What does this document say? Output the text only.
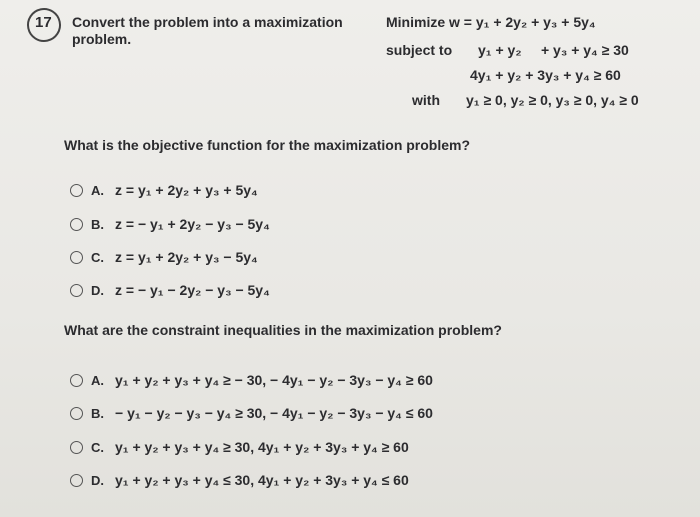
17 Convert the problem into a maximization
problem.
Minimize w = y₁ + 2y₂ + y₃ + 5y₄
subject to y₁ + y₂     + y₃ + y₄ ≥ 30
4y₁ + y₂ + 3y₃ + y₄ ≥ 60
with y₁ ≥ 0, y₂ ≥ 0, y₃ ≥ 0, y₄ ≥ 0
What is the objective function for the maximization problem?
A. z = y₁ + 2y₂ + y₃ + 5y₄
B. z = − y₁ + 2y₂ − y₃ − 5y₄
C. z = y₁ + 2y₂ + y₃ − 5y₄
D. z = − y₁ − 2y₂ − y₃ − 5y₄
What are the constraint inequalities in the maximization problem?
A. y₁ + y₂ + y₃ + y₄ ≥ − 30, − 4y₁ − y₂ − 3y₃ − y₄ ≥ 60
B. − y₁ − y₂ − y₃ − y₄ ≥ 30, − 4y₁ − y₂ − 3y₃ − y₄ ≤ 60
C. y₁ + y₂ + y₃ + y₄ ≥ 30, 4y₁ + y₂ + 3y₃ + y₄ ≥ 60
D. y₁ + y₂ + y₃ + y₄ ≤ 30, 4y₁ + y₂ + 3y₃ + y₄ ≤ 60
